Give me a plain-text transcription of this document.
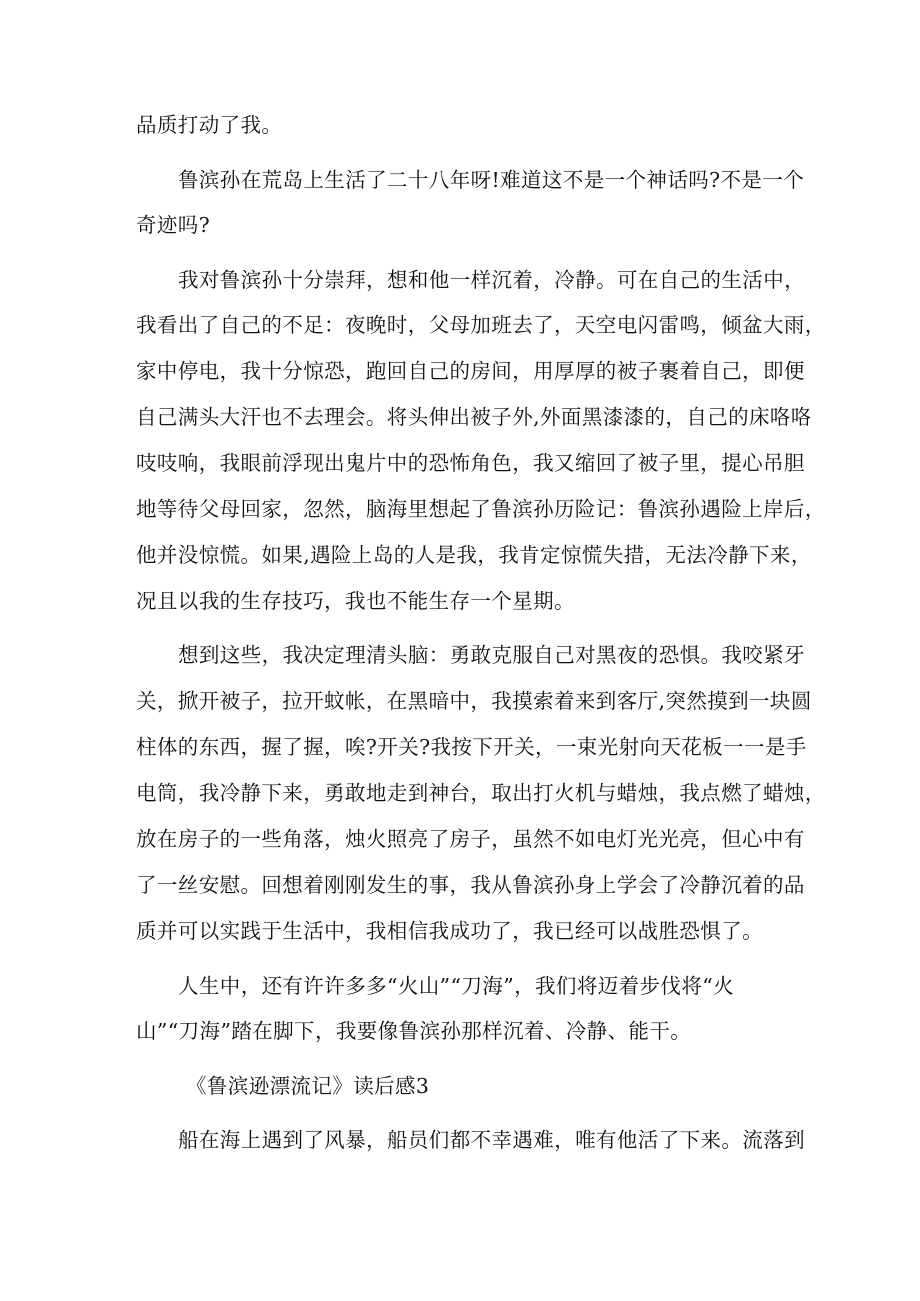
品质打动了我。
鲁滨孙在荒岛上生活了二十八年呀!难道这不是一个神话吗?不是一个
奇迹吗?
我对鲁滨孙十分崇拜，想和他一样沉着，冷静。可在自己的生活中，
我看出了自己的不足：夜晚时，父母加班去了，天空电闪雷鸣，倾盆大雨，
家中停电，我十分惊恐，跑回自己的房间，用厚厚的被子裹着自己，即便
自己满头大汗也不去理会。将头伸出被子外,外面黑漆漆的，自己的床咯咯
吱吱响，我眼前浮现出鬼片中的恐怖角色，我又缩回了被子里，提心吊胆
地等待父母回家，忽然，脑海里想起了鲁滨孙历险记：鲁滨孙遇险上岸后，
他并没惊慌。如果,遇险上岛的人是我，我肯定惊慌失措，无法冷静下来，
况且以我的生存技巧，我也不能生存一个星期。
想到这些，我决定理清头脑：勇敢克服自己对黑夜的恐惧。我咬紧牙
关，掀开被子，拉开蚊帐，在黑暗中，我摸索着来到客厅,突然摸到一块圆
柱体的东西，握了握，唉?开关?我按下开关，一束光射向天花板一一是手
电筒，我冷静下来，勇敢地走到神台，取出打火机与蜡烛，我点燃了蜡烛，
放在房子的一些角落，烛火照亮了房子，虽然不如电灯光光亮，但心中有
了一丝安慰。回想着刚刚发生的事，我从鲁滨孙身上学会了冷静沉着的品
质并可以实践于生活中，我相信我成功了，我已经可以战胜恐惧了。
人生中，还有许许多多“火山”“刀海”，我们将迈着步伐将“火
山”“刀海”踏在脚下，我要像鲁滨孙那样沉着、冷静、能干。
《鲁滨逊漂流记》读后感3
船在海上遇到了风暴，船员们都不幸遇难，唯有他活了下来。流落到
